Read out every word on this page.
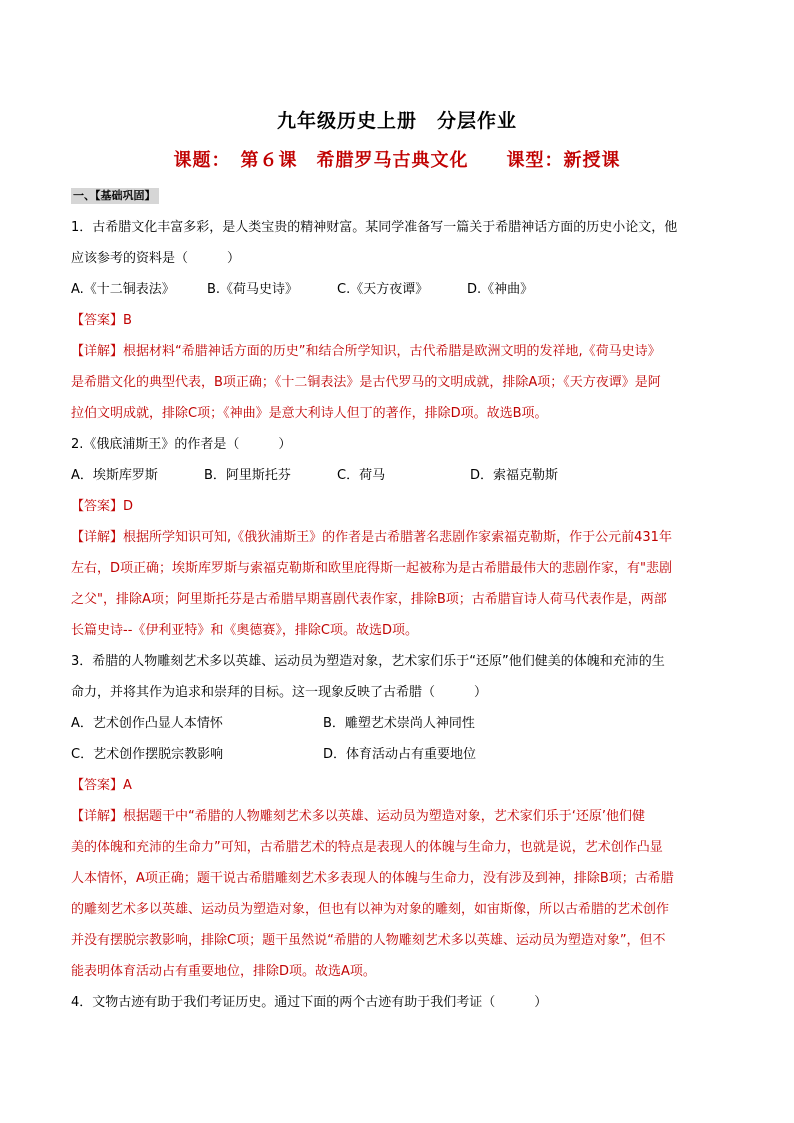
九年级历史上册　分层作业
课题：　第６课　希腊罗马古典文化　　课型：新授课
一、【基础巩固】

1．古希腊文化丰富多彩，是人类宝贵的精神财富。某同学准备写一篇关于希腊神话方面的历史小论文，他

应该参考的资料是（　　　）

A.《十二铜表法》	B.《荷马史诗》	C.《天方夜谭》	D.《神曲》

【答案】B

【详解】根据材料“希腊神话方面的历史”和结合所学知识，古代希腊是欧洲文明的发祥地,《荷马史诗》

是希腊文化的典型代表，B项正确；《十二铜表法》是古代罗马的文明成就，排除A项；《天方夜谭》是阿

拉伯文明成就，排除C项；《神曲》是意大利诗人但丁的著作，排除D项。故选B项。

2.《俄底浦斯王》的作者是（　　　）

A．埃斯库罗斯	B．阿里斯托芬	C．荷马	D．索福克勒斯

【答案】D

【详解】根据所学知识可知,《俄狄浦斯王》的作者是古希腊著名悲剧作家索福克勒斯，作于公元前431年

左右，D项正确；埃斯库罗斯与索福克勒斯和欧里庇得斯一起被称为是古希腊最伟大的悲剧作家，有"悲剧

之父"，排除A项；阿里斯托芬是古希腊早期喜剧代表作家，排除B项；古希腊盲诗人荷马代表作是，两部

长篇史诗--《伊利亚特》和《奥德赛》，排除C项。故选D项。

3．希腊的人物雕刻艺术多以英雄、运动员为塑造对象，艺术家们乐于“还原”他们健美的体魄和充沛的生

命力，并将其作为追求和崇拜的目标。这一现象反映了古希腊（　　　）

A．艺术创作凸显人本情怀	B．雕塑艺术崇尚人神同性
C．艺术创作摆脱宗教影响	D．体育活动占有重要地位

【答案】A

【详解】根据题干中“希腊的人物雕刻艺术多以英雄、运动员为塑造对象，艺术家们乐于‘还原’他们健

美的体魄和充沛的生命力”可知，古希腊艺术的特点是表现人的体魄与生命力，也就是说，艺术创作凸显

人本情怀，A项正确；题干说古希腊雕刻艺术多表现人的体魄与生命力，没有涉及到神，排除B项；古希腊

的雕刻艺术多以英雄、运动员为塑造对象，但也有以神为对象的雕刻，如宙斯像，所以古希腊的艺术创作

并没有摆脱宗教影响，排除C项；题干虽然说“希腊的人物雕刻艺术多以英雄、运动员为塑造对象”，但不

能表明体育活动占有重要地位，排除D项。故选A项。

4．文物古迹有助于我们考证历史。通过下面的两个古迹有助于我们考证（　　　）
